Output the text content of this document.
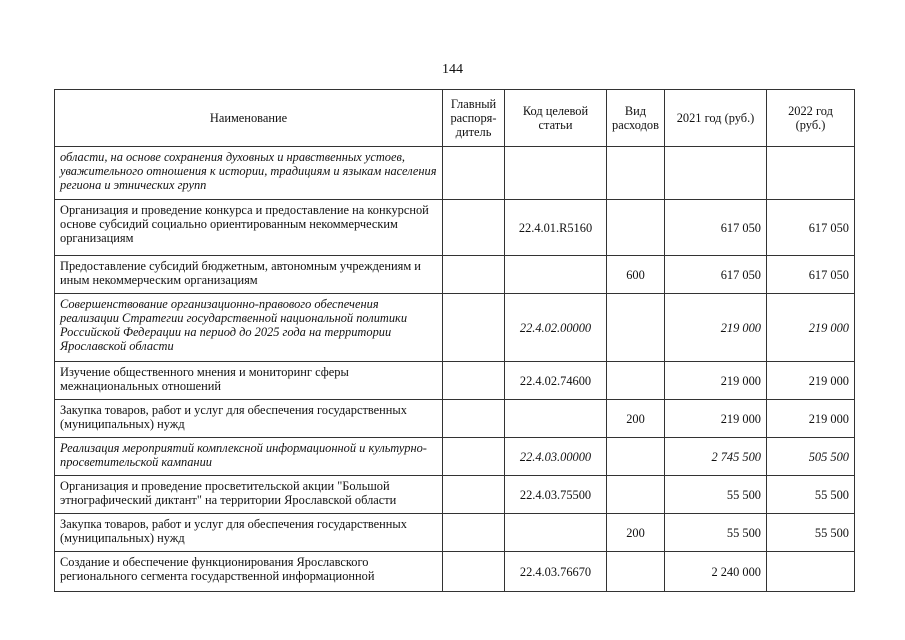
144
Наименование	Главный распоря- дитель	Код целевой статьи	Вид расходов	2021 год (руб.)	2022 год (руб.)
области, на основе сохранения духовных и нравственных устоев, уважительного отношения к истории, традициям и языкам населения региона и этнических групп					
Организация и проведение конкурса и предоставление на конкурсной основе субсидий социально ориентированным некоммерческим организациям		22.4.01.R5160		617 050	617 050
Предоставление субсидий бюджетным, автономным учреждениям и иным некоммерческим организациям			600	617 050	617 050
Совершенствование организационно-правового обеспечения реализации Стратегии государственной национальной политики Российской Федерации на период до 2025 года на территории Ярославской области		22.4.02.00000		219 000	219 000
Изучение общественного мнения и мониторинг сферы межнациональных отношений		22.4.02.74600		219 000	219 000
Закупка товаров, работ и услуг для обеспечения государственных (муниципальных) нужд			200	219 000	219 000
Реализация мероприятий комплексной информационной и культурно-просветительской кампании		22.4.03.00000		2 745 500	505 500
Организация и проведение просветительской акции "Большой этнографический диктант" на территории Ярославской области		22.4.03.75500		55 500	55 500
Закупка товаров, работ и услуг для обеспечения государственных (муниципальных) нужд			200	55 500	55 500
Создание и обеспечение функционирования Ярославского регионального сегмента государственной информационной		22.4.03.76670		2 240 000	
